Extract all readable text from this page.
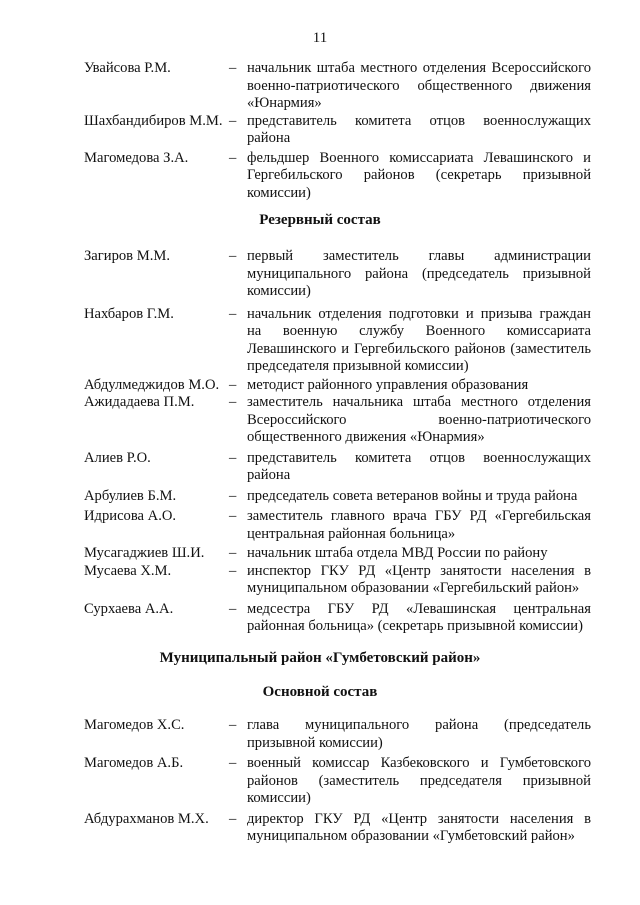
11
Увайсова Р.М.	– начальник штаба местного отделения Всероссийского военно-патриотического общественного движения «Юнармия»
Шахбандибиров М.М. – представитель комитета отцов военнослужащих района
Магомедова З.А.	– фельдшер Военного комиссариата Левашинского и Гергебильского районов (секретарь призывной комиссии)
Резервный состав
Загиров М.М.	– первый заместитель главы администрации муниципального района (председатель призывной комиссии)
Нахбаров Г.М.	– начальник отделения подготовки и призыва граждан на военную службу Военного комиссариата Левашинского и Гергебильского районов (заместитель председателя призывной комиссии)
Абдулмеджидов М.О. – методист районного управления образования
Ажидадаева П.М. – заместитель начальника штаба местного отделения Всероссийского военно-патриотического общественного движения «Юнармия»
Алиев Р.О.	– представитель комитета отцов военнослужащих района
Арбулиев Б.М.	– председатель совета ветеранов войны и труда района
Идрисова А.О.	– заместитель главного врача ГБУ РД «Гергебильская центральная районная больница»
Мусагаджиев Ш.И. – начальник штаба отдела МВД России по району
Мусаева Х.М.	– инспектор ГКУ РД «Центр занятости населения в муниципальном образовании «Гергебильский район»
Сурхаева А.А.	– медсестра ГБУ РД «Левашинская центральная районная больница» (секретарь призывной комиссии)
Муниципальный район «Гумбетовский район»
Основной состав
Магомедов Х.С.	– глава муниципального района (председатель призывной комиссии)
Магомедов А.Б.	– военный комиссар Казбековского и Гумбетовского районов (заместитель председателя призывной комиссии)
Абдурахманов М.Х. – директор ГКУ РД «Центр занятости населения в муниципальном образовании «Гумбетовский район»
